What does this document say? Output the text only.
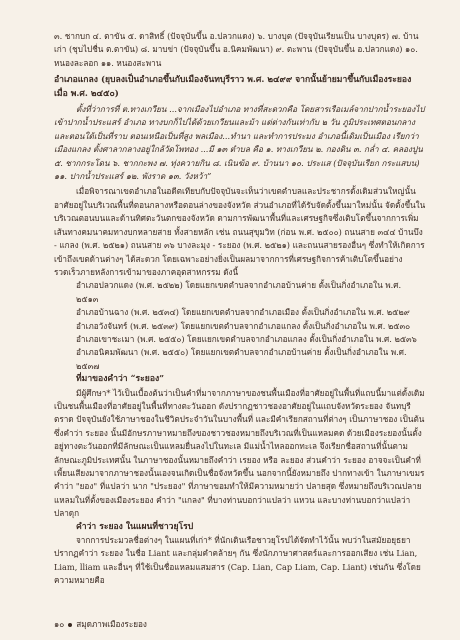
๓. ชากบก ๔. ตาขัน ๕. ดาสิทธิ์ (ปัจจุบันขึ้น อ.ปลวกแดง) ๖. บางบุต (ปัจจุบันเรียนเป็น บางบุตร) ๗. บ้านเก่า (ชุบไปชื่น ต.ตาขัน) ๘. มาบข่า (ปัจจุบันขึ้น อ.นิคมพัฒนา) ๙. ตะพาน (ปัจจุบันขึ้น อ.ปลวกแดง) ๑๐. หนองละลอก ๑๑. หนองสะพาน

อำเภอแกลง (ยุบลงเป็นอำเภอขึ้นกับเมืองจันทบุรีราว พ.ศ. ๒๔๙๙ จากนั้นย้ายมาขึ้นกับเมืองระยอง เมื่อ พ.ศ. ๒๔๕๐)

ตั้งที่ว่าการที่ ต.ทางเกวียน ...จากเมืองไปอำเภอ ทางที่สะดวกคือ โดยสารเรือเมล์จากปากน้ำระยองไปเข้าปากน้ำประแสร์ อำเภอ ทางบกก็ไปได้ด้วยเกวียนและม้า แต่ต่างกันเท่ากับ ๒ วัน ภูมิประเทศตอนกลางและตอนใต้เป็นที่ราบ ตอนเหนือเป็นที่สูง พลเมือง...ทำนา และทำการประมง อำเภอนี้เดิมเป็นเมือง เรียกว่า เมืองแกลง ตั้งศาลากลางอยู่ใกล้วัดโพทอง ...มี ๑๓ ตำบล คือ ๑. ทางเกวียน ๒. กองดิน ๓. กล่ำ ๔. คลองปูน ๕. ชากกระโดน ๖. ชากกะพง ๗. ทุ่งควายกิน ๘. เนินฆ้อ ๙. บ้านนา ๑๐. ประแส (ปัจจุบันเรียก กระแสบน) ๑๑. ปากน้ำประแสร์ ๑๒. พังราด ๑๓. วังหว้า”

เมื่อพิจารณาเขตอำเภอในอดีตเทียบกับปัจจุบันจะเห็นว่าเขตตำบลและประชากรดั้งเดิมส่วนใหญ่นั้นอาศัยอยู่ในบริเวณพื้นที่ตอนกลางหรือตอนล่างของจังหวัด ส่วนอำเภอที่ได้รับจัดตั้งขึ้นมาใหม่นั้น จัดตั้งขึ้นในบริเวณตอนบนและด้านทิศตะวันตกของจังหวัด ตามการพัฒนาพื้นที่และเศรษฐกิจซึ่งเติบโตขึ้นจากการเพิ่มเส้นทางคมนาคมทางบกหลายสาย ทั้งสายหลัก เช่น ถนนสุขุมวิท (ก่อน พ.ศ. ๒๕๐๐) ถนนสาย ๓๔๔ บ้านบึง - แกลง (พ.ศ. ๒๕๒๑) ถนนสาย ๓๖ บางละมุง - ระยอง (พ.ศ. ๒๕๒๑) และถนนสายรองอื่นๆ ซึ่งทำให้เกิดการเข้าถึงเขตด้านต่างๆ ได้สะดวก โดยเฉพาะอย่างยิ่งเป็นผลมาจากการที่เศรษฐกิจการค้าเติบโตขึ้นอย่างรวดเร็วภายหลังการเข้ามาของภาคอุตสาหกรรม ดังนี้

อำเภอปลวกแดง (พ.ศ. ๒๕๒๒) โดยแยกเขตตำบลจากอำเภอบ้านค่าย ตั้งเป็นกิ่งอำเภอใน พ.ศ. ๒๕๑๓

อำเภอบ้านฉาง (พ.ศ. ๒๕๓๔) โดยแยกเขตตำบลจากอำเภอเมือง ตั้งเป็นกิ่งอำเภอใน พ.ศ. ๒๕๒๙

อำเภอวังจันทร์ (พ.ศ. ๒๕๓๙) โดยแยกเขตตำบลจากอำเภอแกลง ตั้งเป็นกิ่งอำเภอใน พ.ศ. ๒๕๓๐

อำเภอเขาชะเมา (พ.ศ. ๒๕๕๐) โดยแยกเขตตำบลจากอำเภอแกลง ตั้งเป็นกิ่งอำเภอใน พ.ศ. ๒๕๓๖

อำเภอนิคมพัฒนา (พ.ศ. ๒๕๕๐) โดยแยกเขตตำบลจากอำเภอบ้านค่าย ตั้งเป็นกิ่งอำเภอใน พ.ศ. ๒๕๓๗

ที่มาของคำว่า “ระยอง”

มีผู้ศึกษา* ไว้เป็นเบื้องต้นว่าเป็นคำที่มาจากภาษาของชนพื้นเมืองที่อาศัยอยู่ในพื้นที่แถบนี้มาแต่ดั้งเดิม เป็นชนพื้นเมืองที่อาศัยอยู่ในพื้นที่ทางตะวันออก ดังปรากฏชาวชองอาศัยอยู่ในแถบจังหวัดระยอง จันทบุรี ตราด ปัจจุบันยังใช้ภาษาชองในชีวิตประจำวันในบางพื้นที่ และมีคำเรียกสถานที่ต่างๆ เป็นภาษาชอง เป็นต้น ซึ่งคำว่า ระยอง นั้นมีอักษรภาษาหมายถึงของชาวชองหมายถึงบริเวณที่เป็นแหลมคด ด้วยเมืองระยองนั้นตั้งอยู่ทางตะวันออกที่มีลักษณะเป็นแหลมยื่นลงไปในทะเล มีแม่น้ำไหลออกทะเล จึงเรียกชื่อสถานที่นั้นตามลักษณะภูมิประเทศนั้น ในภาษาชองนั้นหมายถึงคำว่า เรยอง หรือ ละยอง ส่วนคำว่า ระยอง อาจจะเป็นคำที่เพี้ยนเสียงมาจากภาษาชองนั้นเองจนเกิดเป็นชื่อจังหวัดขึ้น นอกจากนี้ยังหมายถึง ปากทางเข้า ในภาษาเขมร คำว่า "ยอง" ที่แปลว่า นาก "ประยอง" ที่ภาษาขอมทำให้มีความหมายว่า ปลายสุด ซึ่งหมายถึงบริเวณปลายแหลมในที่ตั้งของเมืองระยอง คำว่า "แกลง" ที่บางท่านบอกว่าแปลว่า แหวน และบางท่านบอกว่าแปลว่า ปลาดุก

คำว่า ระยอง ในแผนที่ชาวยุโรป

จากการประมวลชื่อต่างๆ ในแผนที่เก่า* ที่นักเดินเรือชาวยุโรปได้จัดทำไว้นั้น พบว่าในสมัยอยุธยาปรากฏคำว่า ระยอง ในชื่อ Liant และกลุ่มคำคล้ายๆ กัน ซึ่งนักภาษาศาสตร์และการออกเสียง เช่น Lian, Liam, lliam และอื่นๆ ที่ใช้เป็นชื่อแหลมแสมสาร (Cap. Lian, Cap Liam, Cap. Liant) เช่นกัน ซึ่งโดยความหมายคือ

๑๐ สมุดภาพเมืองระยอง
